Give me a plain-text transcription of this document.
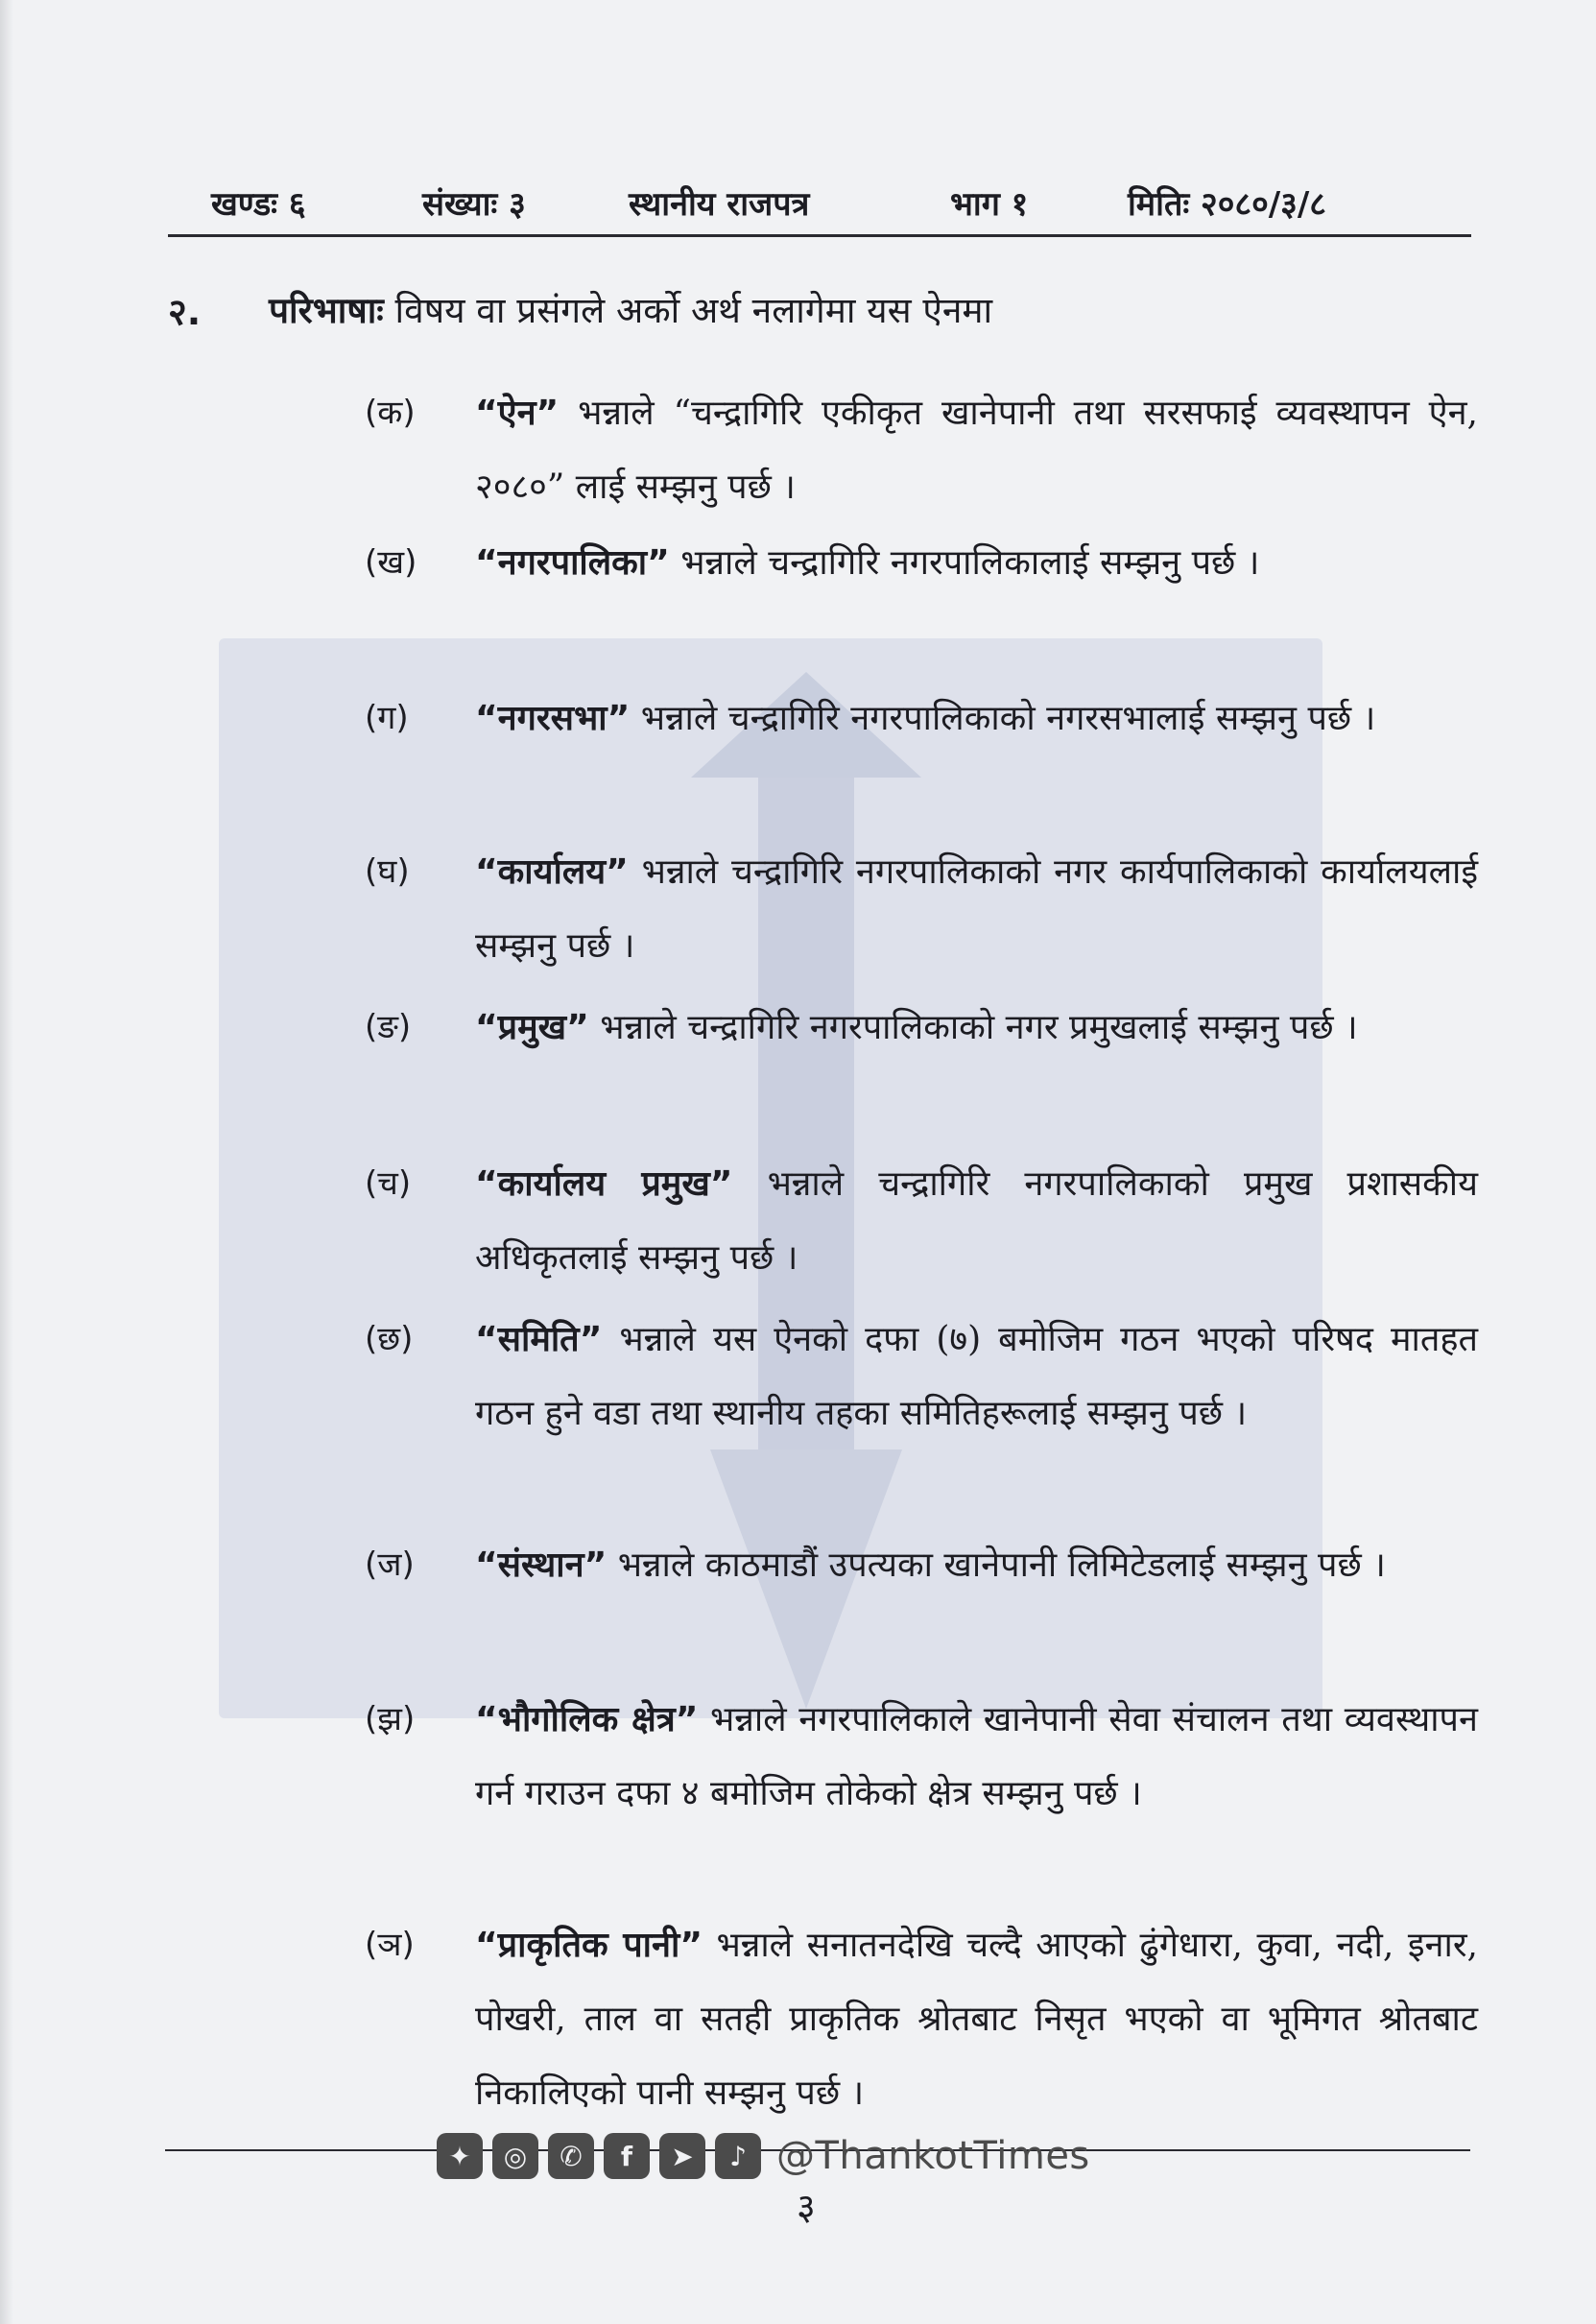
खण्डः ६	संख्याः ३	स्थानीय राजपत्र	भाग १	मितिः २०८०/३/८
२. परिभाषाः विषय वा प्रसंगले अर्को अर्थ नलागेमा यस ऐनमा
(क) “ऐन” भन्नाले “चन्द्रागिरि एकीकृत खानेपानी तथा सरसफाई व्यवस्थापन ऐन, २०८०” लाई सम्झनु पर्छ ।
(ख) “नगरपालिका” भन्नाले चन्द्रागिरि नगरपालिकालाई सम्झनु पर्छ ।
(ग) “नगरसभा” भन्नाले चन्द्रागिरि नगरपालिकाको नगरसभालाई सम्झनु पर्छ ।
(घ) “कार्यालय” भन्नाले चन्द्रागिरि नगरपालिकाको नगर कार्यपालिकाको कार्यालयलाई सम्झनु पर्छ ।
(ङ) “प्रमुख” भन्नाले चन्द्रागिरि नगरपालिकाको नगर प्रमुखलाई सम्झनु पर्छ ।
(च) “कार्यालय प्रमुख” भन्नाले चन्द्रागिरि नगरपालिकाको प्रमुख प्रशासकीय अधिकृतलाई सम्झनु पर्छ ।
(छ) “समिति” भन्नाले यस ऐनको दफा (७) बमोजिम गठन भएको परिषद मातहत गठन हुने वडा तथा स्थानीय तहका समितिहरूलाई सम्झनु पर्छ ।
(ज) “संस्थान” भन्नाले काठमाडौं उपत्यका खानेपानी लिमिटेडलाई सम्झनु पर्छ ।
(झ) “भौगोलिक क्षेत्र” भन्नाले नगरपालिकाले खानेपानी सेवा संचालन तथा व्यवस्थापन गर्न गराउन दफा ४ बमोजिम तोकेको क्षेत्र सम्झनु पर्छ ।
(ञ) “प्राकृतिक पानी” भन्नाले सनातनदेखि चल्दै आएको ढुंगेधारा, कुवा, नदी, इनार, पोखरी, ताल वा सतही प्राकृतिक श्रोतबाट निसृत भएको वा भूमिगत श्रोतबाट निकालिएको पानी सम्झनु पर्छ ।
✦	◎	✆	f	➤	♪ @ThankotTimes
३
